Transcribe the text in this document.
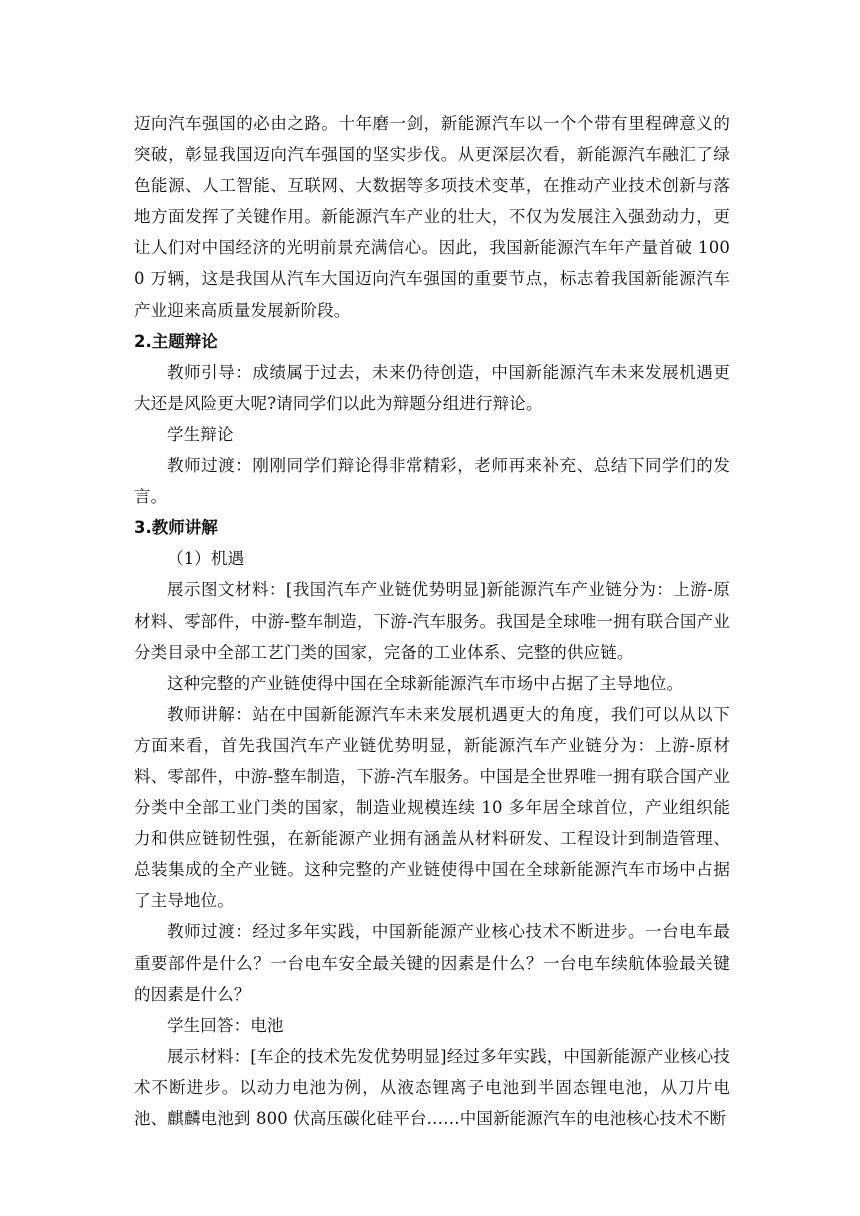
迈向汽车强国的必由之路。十年磨一剑，新能源汽车以一个个带有里程碑意义的突破，彰显我国迈向汽车强国的坚实步伐。从更深层次看，新能源汽车融汇了绿色能源、人工智能、互联网、大数据等多项技术变革，在推动产业技术创新与落地方面发挥了关键作用。新能源汽车产业的壮大，不仅为发展注入强劲动力，更让人们对中国经济的光明前景充满信心。因此，我国新能源汽车年产量首破 1000 万辆，这是我国从汽车大国迈向汽车强国的重要节点，标志着我国新能源汽车产业迎来高质量发展新阶段。

2.主题辩论

教师引导：成绩属于过去，未来仍待创造，中国新能源汽车未来发展机遇更大还是风险更大呢?请同学们以此为辩题分组进行辩论。

学生辩论

教师过渡：刚刚同学们辩论得非常精彩，老师再来补充、总结下同学们的发言。

3.教师讲解

（1）机遇

展示图文材料：[我国汽车产业链优势明显]新能源汽车产业链分为：上游-原材料、零部件，中游-整车制造，下游-汽车服务。我国是全球唯一拥有联合国产业分类目录中全部工艺门类的国家，完备的工业体系、完整的供应链。

这种完整的产业链使得中国在全球新能源汽车市场中占据了主导地位。

教师讲解：站在中国新能源汽车未来发展机遇更大的角度，我们可以从以下方面来看，首先我国汽车产业链优势明显，新能源汽车产业链分为：上游-原材料、零部件，中游-整车制造，下游-汽车服务。中国是全世界唯一拥有联合国产业分类中全部工业门类的国家，制造业规模连续 10 多年居全球首位，产业组织能力和供应链韧性强，在新能源产业拥有涵盖从材料研发、工程设计到制造管理、总装集成的全产业链。这种完整的产业链使得中国在全球新能源汽车市场中占据了主导地位。

教师过渡：经过多年实践，中国新能源产业核心技术不断进步。一台电车最重要部件是什么？一台电车安全最关键的因素是什么？一台电车续航体验最关键的因素是什么？

学生回答：电池

展示材料：[车企的技术先发优势明显]经过多年实践，中国新能源产业核心技术不断进步。以动力电池为例，从液态锂离子电池到半固态锂电池，从刀片电池、麒麟电池到 800 伏高压碳化硅平台……中国新能源汽车的电池核心技术不断
